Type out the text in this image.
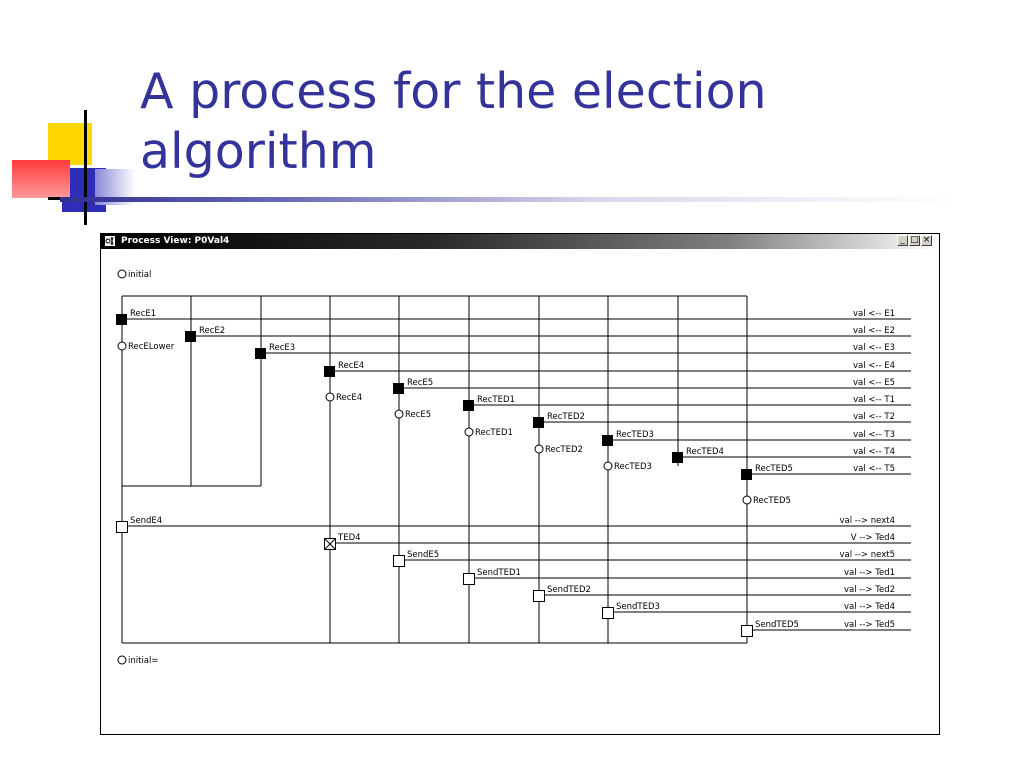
A process for the election
algorithm
Process View: P0Val4	_ □ ×
initial
RecELower
RecE4
RecE5
RecTED1
RecTED2
RecTED3
RecTED5
initial=
RecE1
RecE2
RecE3
RecE4
RecE5
RecTED1
RecTED2
RecTED3
RecTED4
RecTED5
val <-- E1
val <-- E2
val <-- E3
val <-- E4
val <-- E5
val <-- T1
val <-- T2
val <-- T3
val <-- T4
val <-- T5
SendE4
TED4
SendE5
SendTED1
SendTED2
SendTED3
SendTED5
val --> next4
V --> Ted4
val --> next5
val --> Ted1
val --> Ted2
val --> Ted4
val --> Ted5
